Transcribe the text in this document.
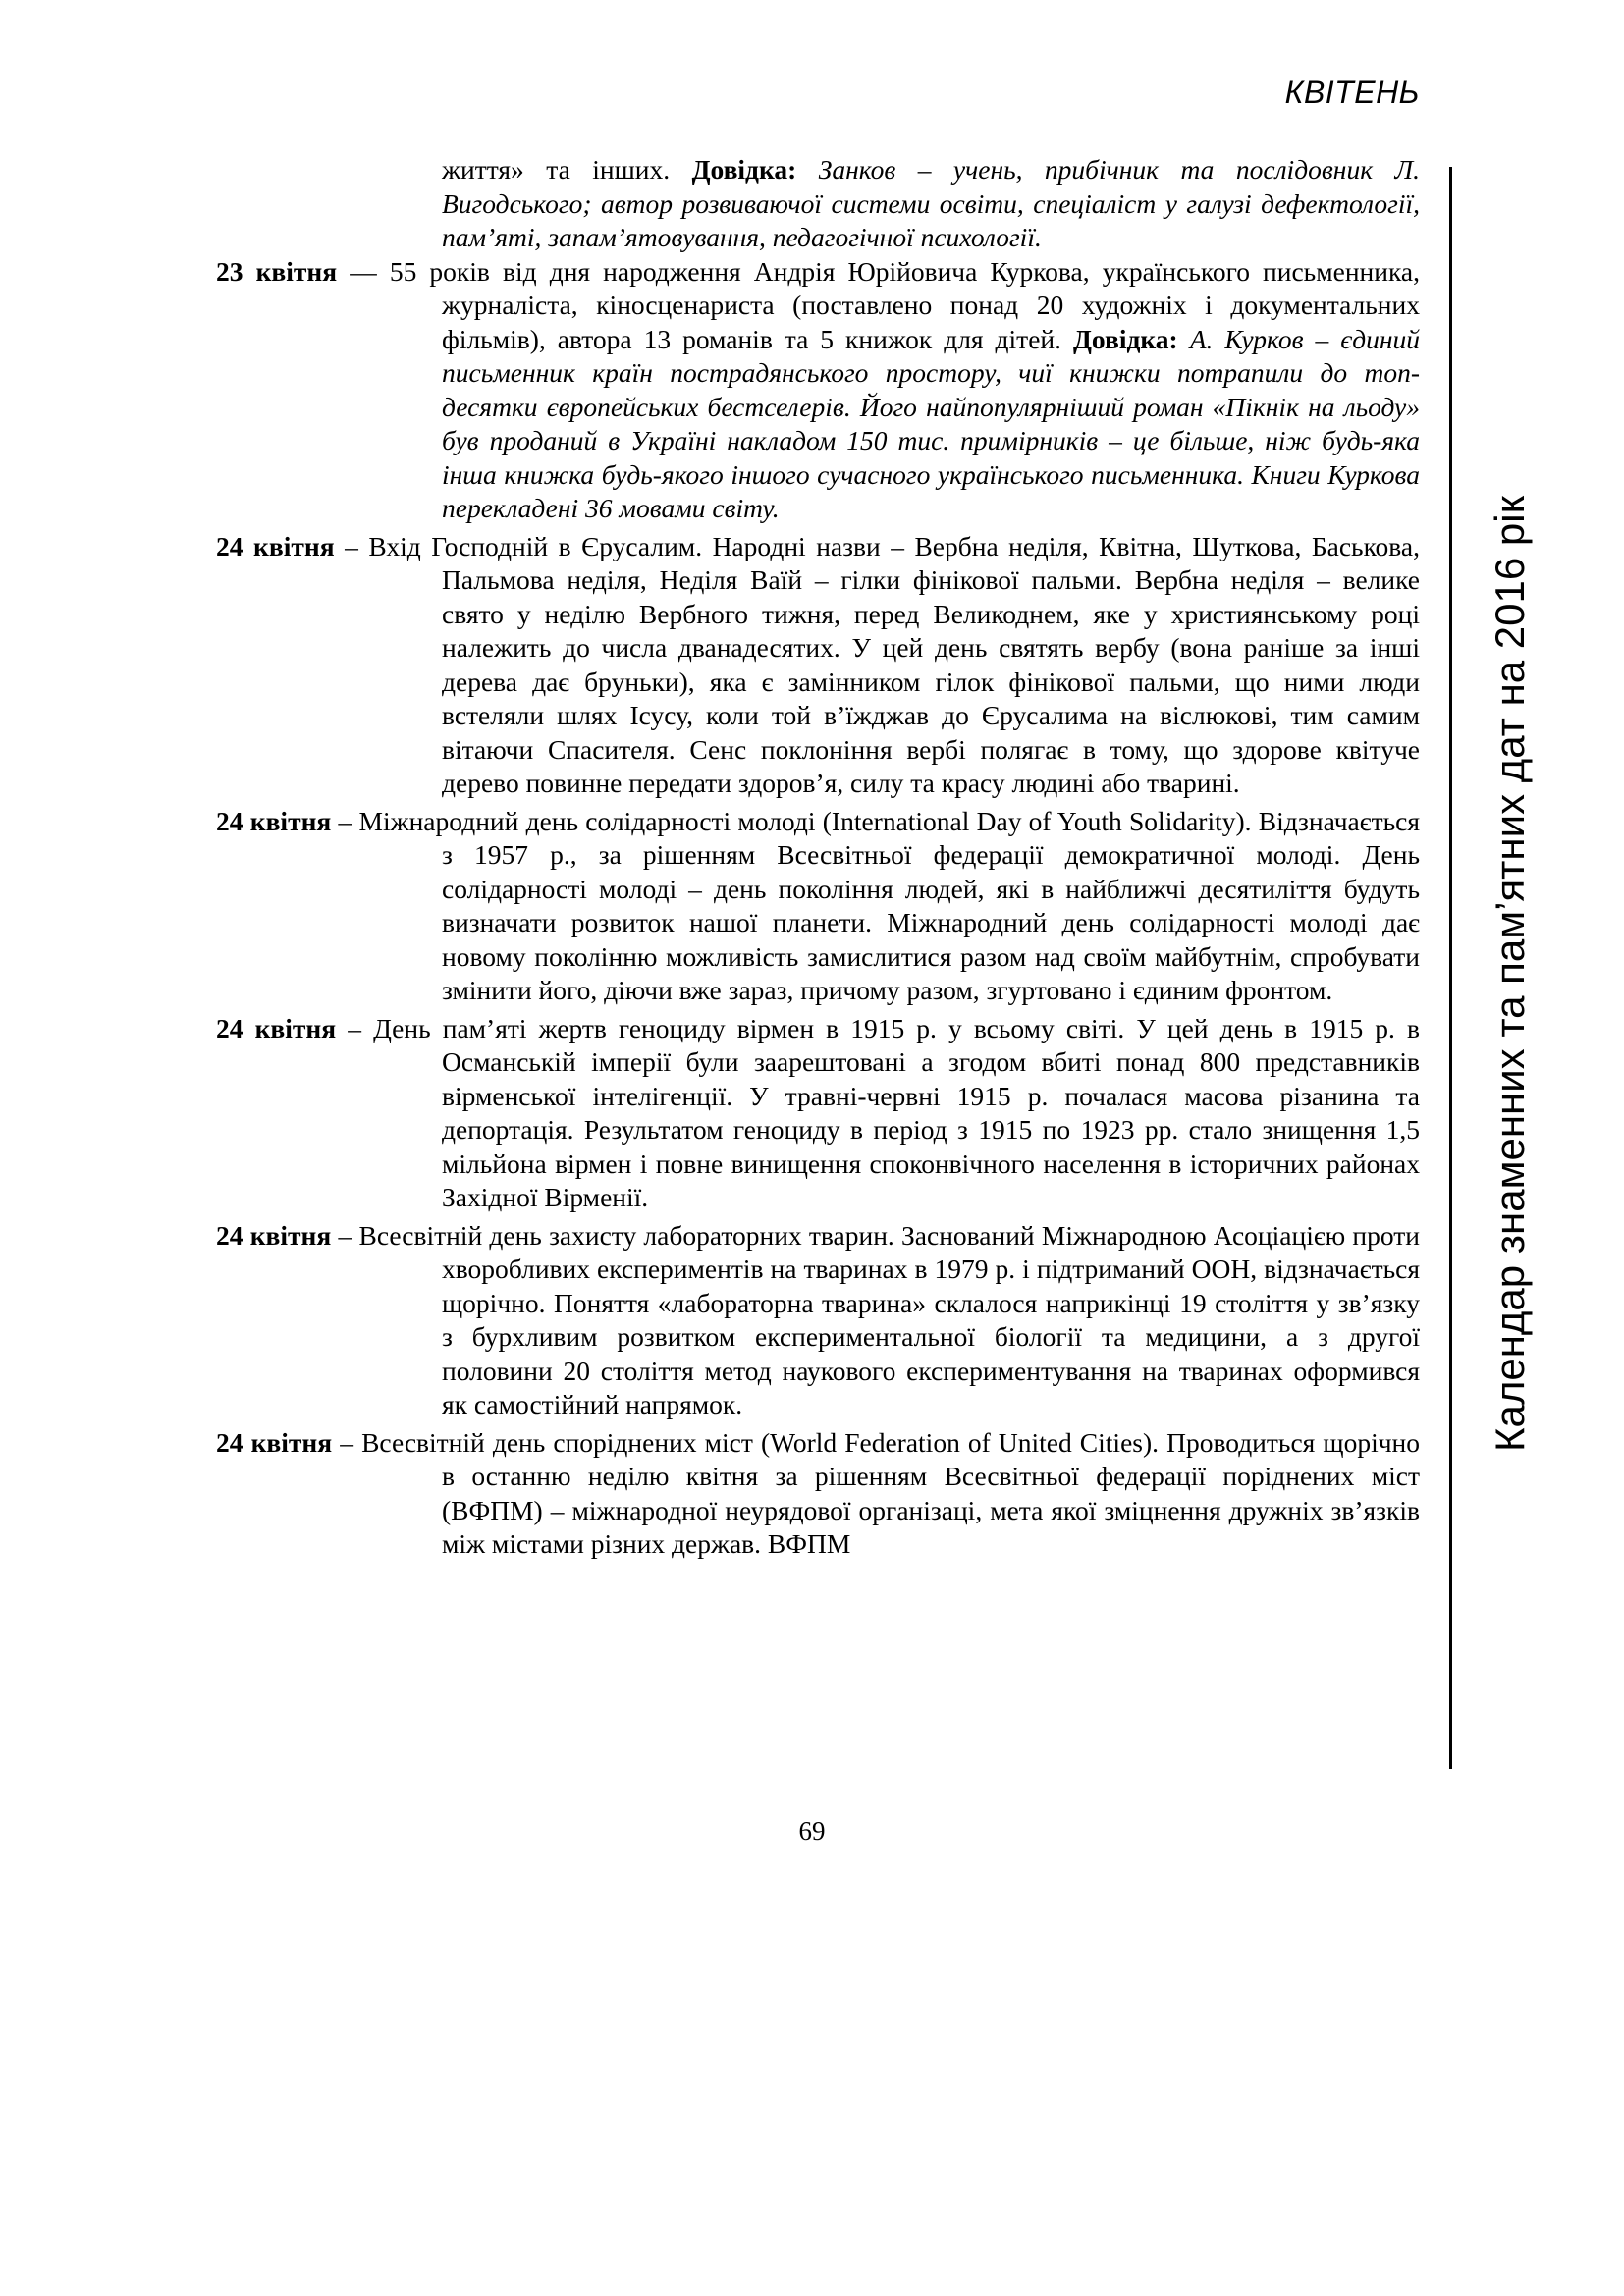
КВІТЕНЬ
Календар знаменних та пам’ятних дат на 2016 рік

життя» та інших. Довідка: Занков – учень, прибічник та послідовник Л. Вигодського; автор розвиваючої системи освіти, спеціаліст у галузі дефектології, пам’яті, запам’ятовування, педагогічної психології.

23 квітня — 55 років від дня народження Андрія Юрійовича Куркова, українського письменника, журналіста, кіносценариста (поставлено понад 20 художніх і документальних фільмів), автора 13 романів та 5 книжок для дітей. Довідка: А. Курков – єдиний письменник країн пострадянського простору, чиї книжки потрапили до топ-десятки європейських бестселерів. Його найпопулярніший роман «Пікнік на льоду» був проданий в Україні накладом 150 тис. примірників – це більше, ніж будь-яка інша книжка будь-якого іншого сучасного українського письменника. Книги Куркова перекладені 36 мовами світу.

24 квітня – Вхід Господній в Єрусалим. Народні назви – Вербна неділя, Квітна, Шуткова, Баськова, Пальмова неділя, Неділя Ваїй – гілки фінікової пальми. Вербна неділя – велике свято у неділю Вербного тижня, перед Великоднем, яке у християнському році належить до числа дванадесятих. У цей день святять вербу (вона раніше за інші дерева дає бруньки), яка є замінником гілок фінікової пальми, що ними люди встеляли шлях Ісусу, коли той в’їжджав до Єрусалима на віслюкові, тим самим вітаючи Спасителя. Сенс поклоніння вербі полягає в тому, що здорове квітуче дерево повинне передати здоров’я, силу та красу людині або тварині.

24 квітня – Міжнародний день солідарності молоді (International Day of Youth Solidarity). Відзначається з 1957 р., за рішенням Всесвітньої федерації демократичної молоді. День солідарності молоді – день покоління людей, які в найближчі десятиліття будуть визначати розвиток нашої планети. Міжнародний день солідарності молоді дає новому поколінню можливість замислитися разом над своїм майбутнім, спробувати змінити його, діючи вже зараз, причому разом, згуртовано і єдиним фронтом.

24 квітня – День пам’яті жертв геноциду вірмен в 1915 р. у всьому світі. У цей день в 1915 р. в Османській імперії були заарештовані а згодом вбиті понад 800 представників вірменської інтелігенції. У травні-червні 1915 р. почалася масова різанина та депортація. Результатом геноциду в період з 1915 по 1923 рр. стало знищення 1,5 мільйона вірмен і повне винищення споконвічного населення в історичних районах Західної Вірменії.

24 квітня – Всесвітній день захисту лабораторних тварин. Заснований Міжнародною Асоціацією проти хворобливих експериментів на тваринах в 1979 р. і підтриманий ООН, відзначається щорічно. Поняття «лабораторна тварина» склалося наприкінці 19 століття у зв’язку з бурхливим розвитком експериментальної біології та медицини, а з другої половини 20 століття метод наукового експериментування на тваринах оформився як самостійний напрямок.

24 квітня – Всесвітній день споріднених міст (World Federation of United Cities). Проводиться щорічно в останню неділю квітня за рішенням Всесвітньої федерації поріднених міст (ВФПМ) – міжнародної неурядової організаці, мета якої зміцнення дружніх зв’язків між містами різних держав. ВФПМ

69
